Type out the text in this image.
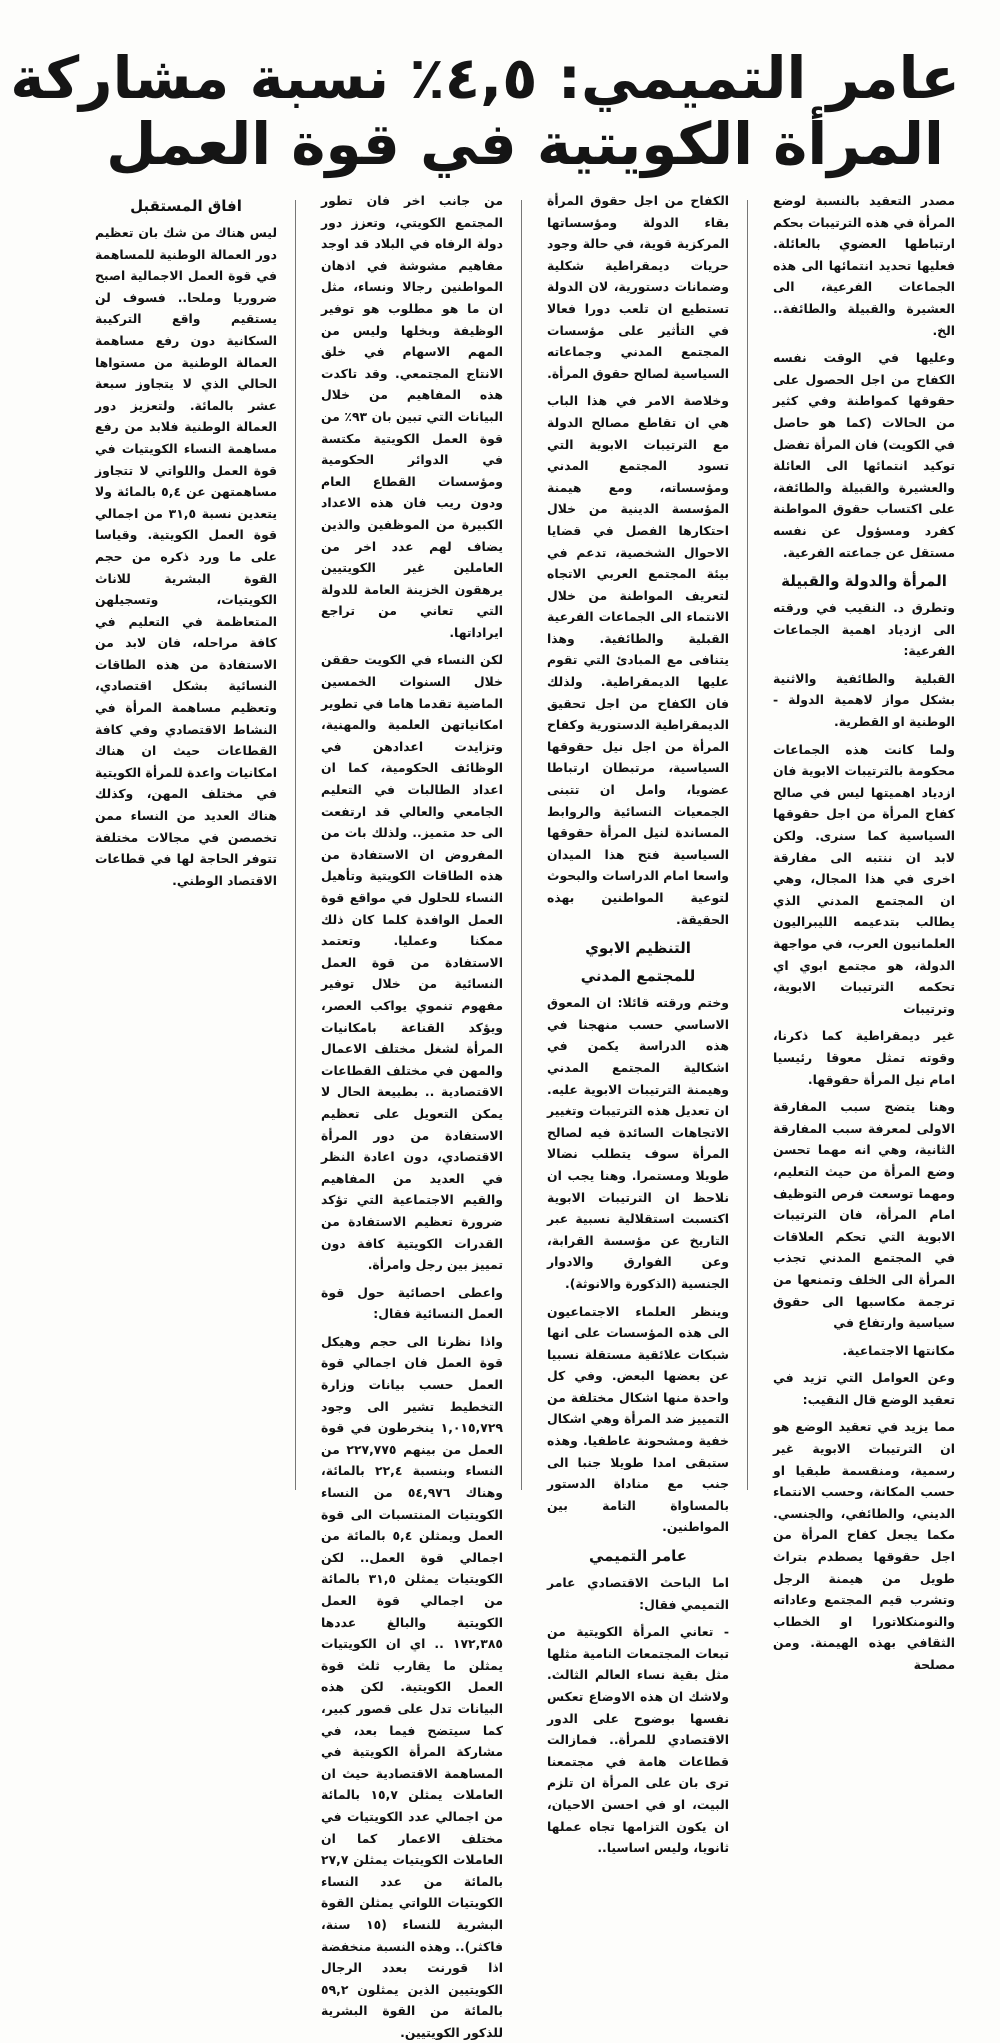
عامر التميمي: ٤,٥٪ نسبة مشاركة
المرأة الكويتية في قوة العمل

مصدر التعقيد بالنسبة لوضع المرأة في هذه الترتيبات بحكم ارتباطها العضوي بالعائلة. فعليها تحديد انتمائها الى هذه الجماعات الفرعية، الى العشيرة والقبيلة والطائفة.. الخ.

وعليها في الوقت نفسه الكفاح من اجل الحصول على حقوقها كمواطنة وفي كثير من الحالات (كما هو حاصل في الكويت) فان المرأة تفضل توكيد انتمائها الى العائلة والعشيرة والقبيلة والطائفة، على اكتساب حقوق المواطنة كفرد ومسؤول عن نفسه مستقل عن جماعته الفرعية.

المرأة والدولة والقبيلة

وتطرق د. النقيب في ورقته الى ازدياد اهمية الجماعات الفرعية:

القبلية والطائفية والاثنية بشكل مواز لاهمية الدولة - الوطنية او القطرية.

ولما كانت هذه الجماعات محكومة بالترتيبات الابوية فان ازدياد اهميتها ليس في صالح كفاح المرأة من اجل حقوقها السياسية كما سنرى. ولكن لابد ان ننتبه الى مفارقة اخرى في هذا المجال، وهي ان المجتمع المدني الذي يطالب بتدعيمه الليبراليون العلمانيون العرب، في مواجهة الدولة، هو مجتمع ابوي اي تحكمه الترتيبات الابوية، وترتيبات

غير ديمقراطية كما ذكرنا، وقوته تمثل معوقا رئيسيا امام نيل المرأة حقوقها.

وهنا يتضح سبب المفارقة الاولى لمعرفة سبب المفارقة الثانية، وهي انه مهما تحسن وضع المرأة من حيث التعليم، ومهما توسعت فرص التوظيف امام المرأة، فان الترتيبات الابوية التي تحكم العلاقات في المجتمع المدني تجذب المرأة الى الخلف وتمنعها من ترجمة مكاسبها الى حقوق سياسية وارتفاع في

مكانتها الاجتماعية.

وعن العوامل التي تزيد في تعقيد الوضع قال النقيب:

مما يزيد في تعقيد الوضع هو ان الترتيبات الابوية غير رسمية، ومنقسمة طبقيا او حسب المكانة، وحسب الانتماء الديني، والطائفي، والجنسي. مكما يجعل كفاح المرأة من اجل حقوقها يصطدم بتراث طويل من هيمنة الرجل وتشرب قيم المجتمع وعاداته والنومنكلاتورا او الخطاب الثقافي بهذه الهيمنة. ومن مصلحة

الكفاح من اجل حقوق المرأة بقاء الدولة ومؤسساتها المركزية قوية، في حالة وجود حريات ديمقراطية شكلية وضمانات دستورية، لان الدولة تستطيع ان تلعب دورا فعالا في التأثير على مؤسسات المجتمع المدني وجماعاته السياسية لصالح حقوق المرأة.

وخلاصة الامر في هذا الباب هي ان تقاطع مصالح الدولة مع الترتيبات الابوية التي تسود المجتمع المدني ومؤسساته، ومع هيمنة المؤسسة الدينية من خلال احتكارها الفصل في قضايا الاحوال الشخصية، تدعم في بيئة المجتمع العربي الاتجاه لتعريف المواطنة من خلال الانتماء الى الجماعات الفرعية القبلية والطائفية. وهذا يتنافى مع المبادئ التي تقوم عليها الديمقراطية. ولذلك فان الكفاح من اجل تحقيق الديمقراطية الدستورية وكفاح المرأة من اجل نيل حقوقها السياسية، مرتبطان ارتباطا عضويا، وامل ان تتبنى الجمعيات النسائية والروابط المساندة لنيل المرأة حقوقها السياسية فتح هذا الميدان واسعا امام الدراسات والبحوث لتوعية المواطنين بهذه الحقيقة.

التنظيم الابوي
للمجتمع المدني

وختم ورقته قائلا: ان المعوق الاساسي حسب منهجنا في هذه الدراسة يكمن في اشكالية المجتمع المدني وهيمنة الترتيبات الابوية عليه. ان تعديل هذه الترتيبات وتغيير الاتجاهات السائدة فيه لصالح المرأة سوف يتطلب نضالا طويلا ومستمرا. وهنا يجب ان نلاحظ ان الترتيبات الابوية اكتسبت استقلالية نسبية عبر التاريخ عن مؤسسة القرابة، وعن الفوارق والادوار الجنسية (الذكورة والانوثة).

وينظر العلماء الاجتماعيون الى هذه المؤسسات على انها شبكات علائقية مستقلة نسبيا عن بعضها البعض. وفي كل واحدة منها اشكال مختلفة من التمييز ضد المرأة وهي اشكال خفية ومشحونة عاطفيا. وهذه ستبقى امدا طويلا جنبا الى جنب مع مناداة الدستور بالمساواة التامة بين المواطنين.

عامر التميمي

اما الباحث الاقتصادي عامر التميمي فقال:

- تعاني المرأة الكويتية من تبعات المجتمعات النامية مثلها مثل بقية نساء العالم الثالث. ولاشك ان هذه الاوضاع تعكس نفسها بوضوح على الدور الاقتصادي للمرأة.. فمازالت قطاعات هامة في مجتمعنا ترى بان على المرأة ان تلزم البيت، او في احسن الاحيان، ان يكون التزامها تجاه عملها ثانويا، وليس اساسيا..

من جانب اخر فان تطور المجتمع الكويتي، وتعزز دور دولة الرفاه في البلاد قد اوجد مفاهيم مشوشة في اذهان المواطنين رجالا ونساء، مثل ان ما هو مطلوب هو توفير الوظيفة وبخلها وليس من المهم الاسهام في خلق الانتاج المجتمعي. وقد تاكدت هذه المفاهيم من خلال البيانات التي تبين بان ٩٣٪ من قوة العمل الكويتية مكتسة في الدوائر الحكومية ومؤسسات القطاع العام ودون ريب فان هذه الاعداد الكبيرة من الموظفين والذين يضاف لهم عدد اخر من العاملين غير الكويتيين يرهقون الخزينة العامة للدولة التي تعاني من تراجع ايراداتها.

لكن النساء في الكويت حققن خلال السنوات الخمسين الماضية تقدما هاما في تطوير امكانياتهن العلمية والمهنية، وتزايدت اعدادهن في الوظائف الحكومية، كما ان اعداد الطالبات في التعليم الجامعي والعالي قد ارتفعت الى حد متميز.. ولذلك بات من المفروض ان الاستفادة من هذه الطاقات الكويتية وتأهيل النساء للحلول في مواقع قوة العمل الوافدة كلما كان ذلك ممكنا وعمليا. وتعتمد الاستفادة من قوة العمل النسائية من خلال توفير مفهوم تنموي يواكب العصر، ويؤكد القناعة بامكانيات المرأة لشغل مختلف الاعمال والمهن في مختلف القطاعات الاقتصادية .. بطبيعة الحال لا يمكن التعويل على تعظيم الاستفادة من دور المرأة الاقتصادي، دون اعادة النظر في العديد من المفاهيم والقيم الاجتماعية التي تؤكد ضرورة تعظيم الاستفادة من القدرات الكويتية كافة دون تمييز بين رجل وامرأة.

واعطى احصائية حول قوة العمل النسائية فقال:

واذا نظرنا الى حجم وهيكل قوة العمل فان اجمالي قوة العمل حسب بيانات وزارة التخطيط تشير الى وجود ١,٠١٥,٧٢٩ ينخرطون في قوة العمل من بينهم ٢٢٧,٧٧٥ من النساء وبنسبة ٢٢,٤ بالمائة، وهناك ٥٤,٩٧٦ من النساء الكويتيات المنتسبات الى قوة العمل ويمثلن ٥,٤ بالمائة من اجمالي قوة العمل.. لكن الكويتيات يمثلن ٣١,٥ بالمائة من اجمالي قوة العمل الكويتية والبالغ عددها ١٧٢,٣٨٥ .. اي ان الكويتيات يمثلن ما يقارب ثلث قوة العمل الكويتية. لكن هذه البيانات تدل على قصور كبير، كما سيتضح فيما بعد، في مشاركة المرأة الكويتية في المساهمة الاقتصادية حيث ان العاملات يمثلن ١٥,٧ بالمائة من اجمالي عدد الكويتيات في مختلف الاعمار كما ان العاملات الكويتيات يمثلن ٢٧,٧ بالمائة من عدد النساء الكويتيات اللواتي يمثلن القوة البشرية للنساء (١٥ سنة، فاكثر).. وهذه النسبة منخفضة اذا قورنت بعدد الرجال الكويتيين الذين يمثلون ٥٩,٢ بالمائة من القوة البشرية للذكور الكويتيين.

افاق المستقبل

ليس هناك من شك بان تعظيم دور العمالة الوطنية للمساهمة في قوة العمل الاجمالية اصبح ضروريا وملحا.. فسوف لن يستقيم واقع التركيبة السكانية دون رفع مساهمة العمالة الوطنية من مستواها الحالي الذي لا يتجاوز سبعة عشر بالمائة. ولتعزيز دور العمالة الوطنية فلابد من رفع مساهمة النساء الكويتيات في قوة العمل واللواتي لا تتجاوز مساهمتهن عن ٥,٤ بالمائة ولا يتعدين نسبة ٣١,٥ من اجمالي قوة العمل الكويتية. وقياسا على ما ورد ذكره من حجم القوة البشرية للاناث الكويتيات، وتسجيلهن المتعاظمة في التعليم في كافة مراحله، فان لابد من الاستفادة من هذه الطاقات النسائية بشكل اقتصادي، وتعظيم مساهمة المرأة في النشاط الاقتصادي وفي كافة القطاعات حيث ان هناك امكانيات واعدة للمرأة الكويتية في مختلف المهن، وكذلك هناك العديد من النساء ممن تخصصن في مجالات مختلفة تتوفر الحاجة لها في قطاعات الاقتصاد الوطني.
